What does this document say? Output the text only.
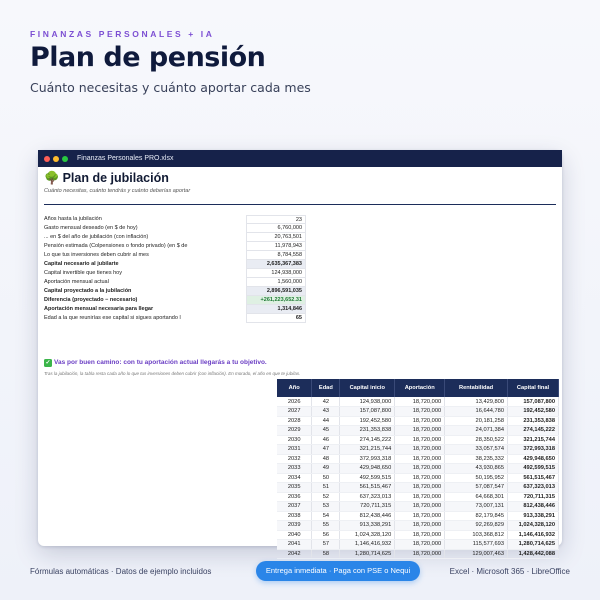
FINANZAS PERSONALES + IA
Plan de pensión
Cuánto necesitas y cuánto aportar cada mes
Finanzas Personales PRO.xlsx
🌳 Plan de jubilación
Cuánto necesitas, cuánto tendrás y cuánto deberías aportar
Años hasta la jubilación	23
Gasto mensual deseado (en $ de hoy)	6,760,000
... en $ del año de jubilación (con inflación)	20,763,501
Pensión estimada (Colpensiones o fondo privado) (en $ de	11,978,943
Lo que tus inversiones deben cubrir al mes	8,784,558
Capital necesario al jubilarte	2,635,367,383
Capital invertible que tienes hoy	124,938,000
Aportación mensual actual	1,560,000
Capital proyectado a la jubilación	2,896,591,035
Diferencia (proyectado − necesario)	+261,223,652.31
Aportación mensual necesaria para llegar	1,314,846
Edad a la que reunirías ese capital si sigues aportando l	65
✓ Vas por buen camino: con tu aportación actual llegarás a tu objetivo.
Tras la jubilación, la tabla resta cada año lo que tus inversiones deben cubrir (con inflación). En morado, el año en que te jubilas.
Año	Edad	Capital inicio	Aportación	Rentabilidad	Capital final
2026	42	124,938,000	18,720,000	13,429,800	157,087,800
2027	43	157,087,800	18,720,000	16,644,780	192,452,580
2028	44	192,452,580	18,720,000	20,181,258	231,353,838
2029	45	231,353,838	18,720,000	24,071,384	274,145,222
2030	46	274,145,222	18,720,000	28,350,522	321,215,744
2031	47	321,215,744	18,720,000	33,057,574	372,993,318
2032	48	372,993,318	18,720,000	38,235,332	429,948,650
2033	49	429,948,650	18,720,000	43,930,865	492,599,515
2034	50	492,599,515	18,720,000	50,195,952	561,515,467
2035	51	561,515,467	18,720,000	57,087,547	637,323,013
2036	52	637,323,013	18,720,000	64,668,301	720,711,315
2037	53	720,711,315	18,720,000	73,007,131	812,438,446
2038	54	812,438,446	18,720,000	82,179,845	913,338,291
2039	55	913,338,291	18,720,000	92,269,829	1,024,328,120
2040	56	1,024,328,120	18,720,000	103,368,812	1,146,416,932
2041	57	1,146,416,932	18,720,000	115,577,693	1,280,714,625
2042	58	1,280,714,625	18,720,000	129,007,463	1,428,442,088
Fórmulas automáticas · Datos de ejemplo incluidos	Entrega inmediata · Paga con PSE o Nequi	Excel · Microsoft 365 · LibreOffice
